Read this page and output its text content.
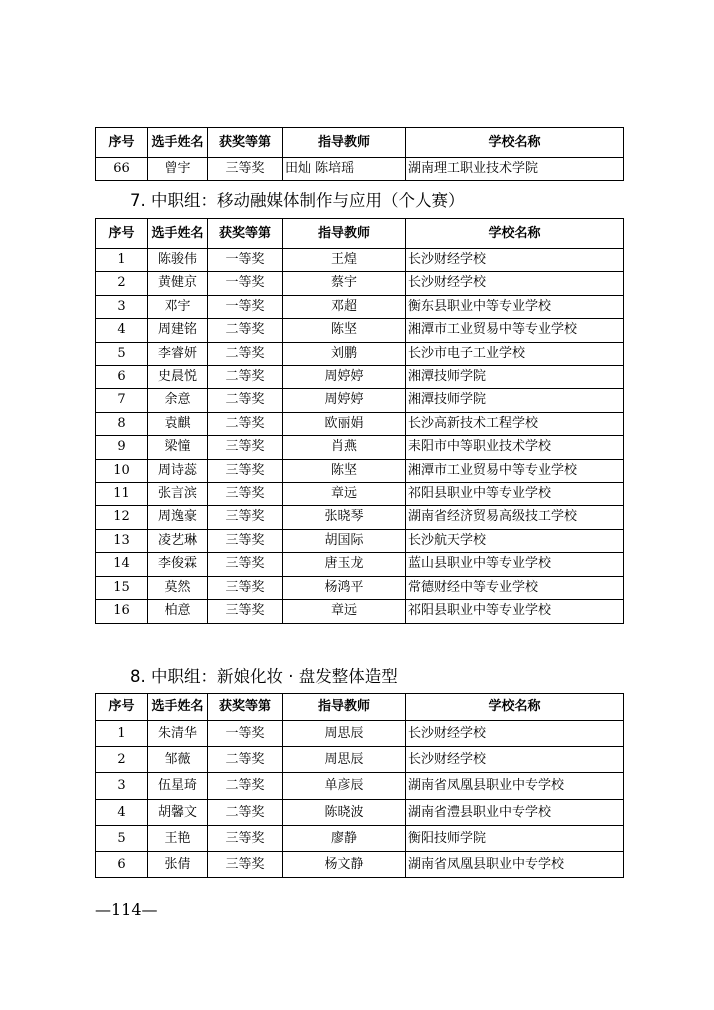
序号	选手姓名	获奖等第	指导教师	学校名称
66	曾宇	三等奖	田灿 陈培瑶	湖南理工职业技术学院
7. 中职组：移动融媒体制作与应用（个人赛）
序号	选手姓名	获奖等第	指导教师	学校名称
1	陈骏伟	一等奖	王煌	长沙财经学校
2	黄健京	一等奖	蔡宇	长沙财经学校
3	邓宇	一等奖	邓超	衡东县职业中等专业学校
4	周建铭	二等奖	陈坚	湘潭市工业贸易中等专业学校
5	李睿妍	二等奖	刘鹏	长沙市电子工业学校
6	史晨悦	二等奖	周婷婷	湘潭技师学院
7	余意	二等奖	周婷婷	湘潭技师学院
8	袁麒	二等奖	欧丽娟	长沙高新技术工程学校
9	梁憧	三等奖	肖燕	耒阳市中等职业技术学校
10	周诗蕊	三等奖	陈坚	湘潭市工业贸易中等专业学校
11	张言滨	三等奖	章远	祁阳县职业中等专业学校
12	周逸豪	三等奖	张晓琴	湖南省经济贸易高级技工学校
13	凌艺琳	三等奖	胡国际	长沙航天学校
14	李俊霖	三等奖	唐玉龙	蓝山县职业中等专业学校
15	莫然	三等奖	杨鸿平	常德财经中等专业学校
16	柏意	三等奖	章远	祁阳县职业中等专业学校
8. 中职组：新娘化妆 · 盘发整体造型
序号	选手姓名	获奖等第	指导教师	学校名称
1	朱清华	一等奖	周思辰	长沙财经学校
2	邹薇	二等奖	周思辰	长沙财经学校
3	伍星琦	二等奖	单彦辰	湖南省凤凰县职业中专学校
4	胡馨文	二等奖	陈晓波	湖南省澧县职业中专学校
5	王艳	三等奖	廖静	衡阳技师学院
6	张倩	三等奖	杨文静	湖南省凤凰县职业中专学校
—114—
